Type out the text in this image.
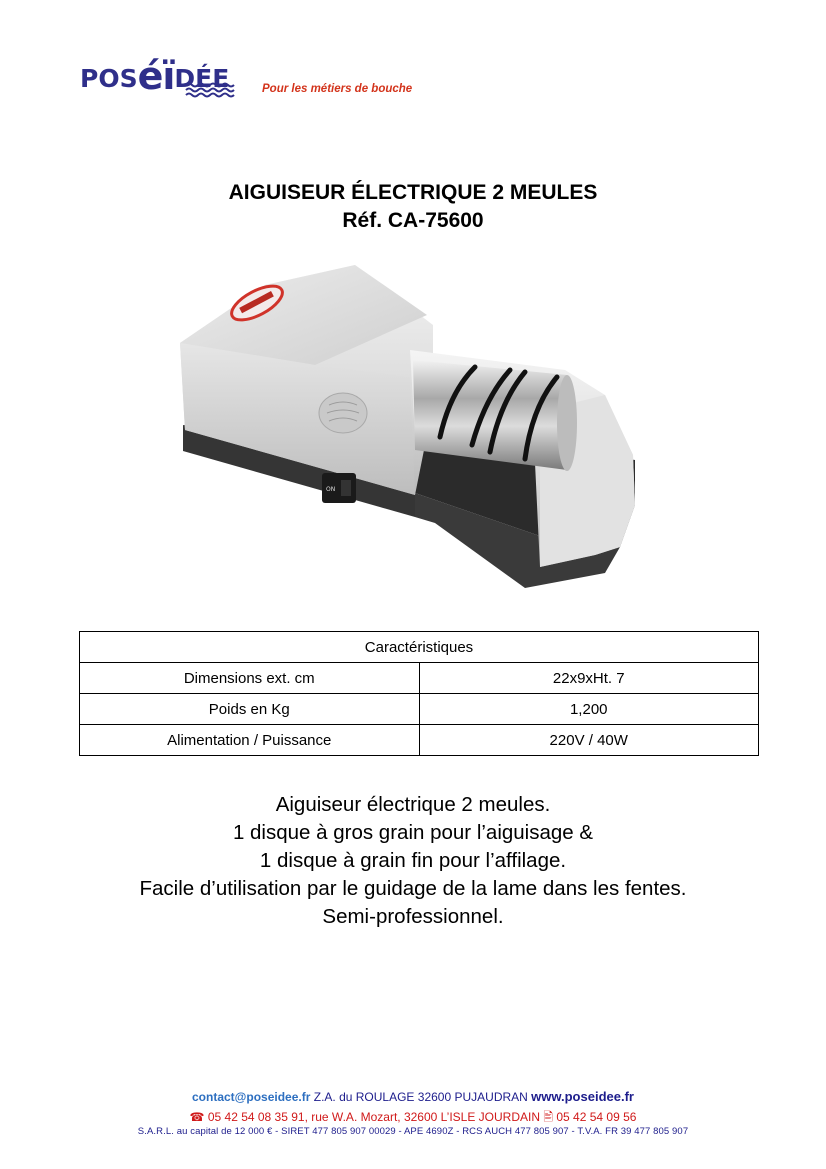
POSéïDÉE	Pour les métiers de bouche
AIGUISEUR ÉLECTRIQUE 2 MEULES
Réf. CA-75600
ON
Caractéristiques	
Dimensions ext. cm	22x9xHt. 7
Poids en Kg	1,200
Alimentation / Puissance	220V / 40W
Aiguiseur électrique 2 meules.
1 disque à gros grain pour l’aiguisage &
1 disque à grain fin pour l’affilage.
Facile d’utilisation par le guidage de la lame dans les fentes.
Semi-professionnel.
contact@poseidee.fr Z.A. du ROULAGE 32600 PUJAUDRAN www.poseidee.fr
☎ 05 42 54 08 35 91, rue W.A. Mozart, 32600 L’ISLE JOURDAIN 🖹 05 42 54 09 56
S.A.R.L. au capital de 12 000 € - SIRET 477 805 907 00029 - APE 4690Z - RCS AUCH 477 805 907 - T.V.A. FR 39 477 805 907
